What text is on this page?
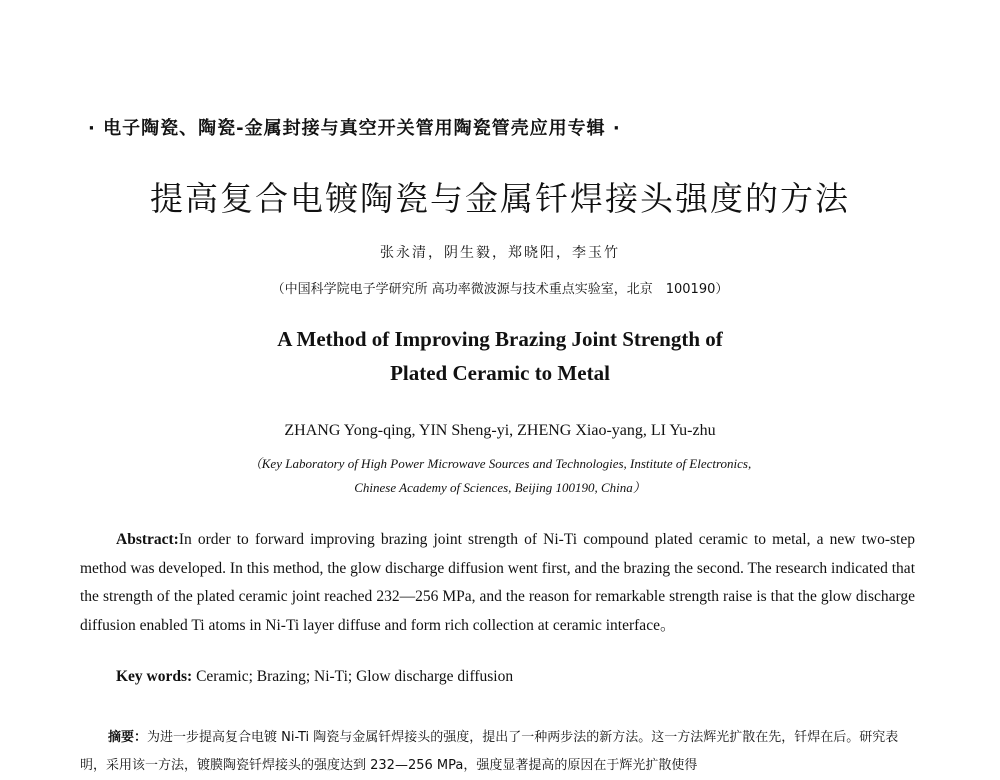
· 电子陶瓷、陶瓷-金属封接与真空开关管用陶瓷管壳应用专辑 ·
提高复合电镀陶瓷与金属钎焊接头强度的方法
张永清，阴生毅，郑晓阳，李玉竹
（中国科学院电子学研究所 高功率微波源与技术重点实验室，北京　100190）
A Method of Improving Brazing Joint Strength of
Plated Ceramic to Metal
ZHANG Yong-qing, YIN Sheng-yi, ZHENG Xiao-yang, LI Yu-zhu
（Key Laboratory of High Power Microwave Sources and Technologies, Institute of Electronics,
Chinese Academy of Sciences, Beijing 100190, China）
Abstract:In order to forward improving brazing joint strength of Ni-Ti compound plated ceramic to metal, a new two-step method was developed. In this method, the glow discharge diffusion went first, and the brazing the second. The research indicated that the strength of the plated ceramic joint reached 232—256 MPa, and the reason for remarkable strength raise is that the glow discharge diffusion enabled Ti atoms in Ni-Ti layer diffuse and form rich collection at ceramic interface。
Key words: Ceramic; Brazing; Ni-Ti; Glow discharge diffusion
摘要：为进一步提高复合电镀 Ni-Ti 陶瓷与金属钎焊接头的强度，提出了一种两步法的新方法。这一方法辉光扩散在先，钎焊在后。研究表明，采用该一方法，镀膜陶瓷钎焊接头的强度达到 232—256 MPa，强度显著提高的原因在于辉光扩散使得
